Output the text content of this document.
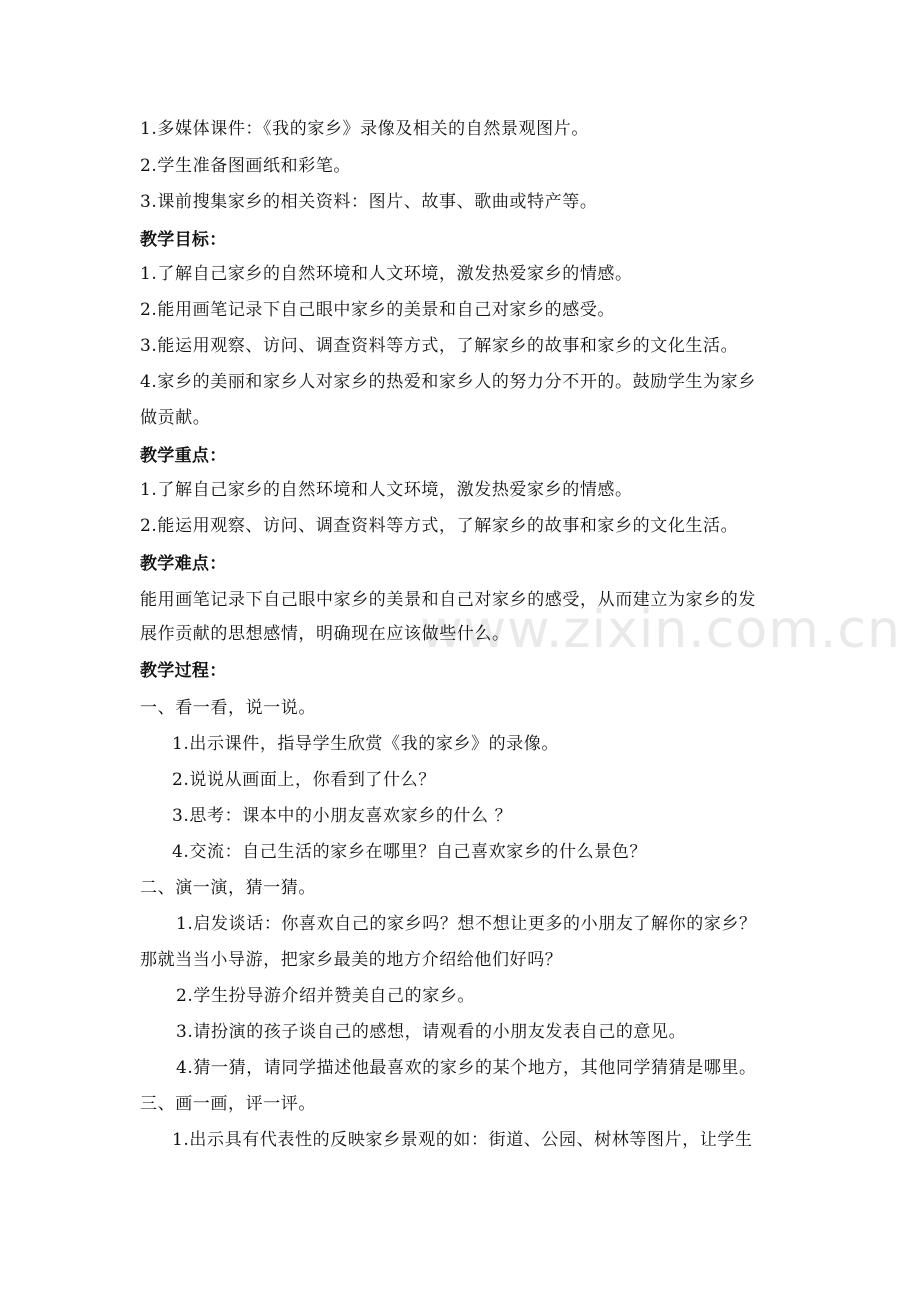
www.zixin.com.cn
1.多媒体课件：《我的家乡》录像及相关的自然景观图片。
2.学生准备图画纸和彩笔。
3.课前搜集家乡的相关资料：图片、故事、歌曲或特产等。
教学目标：
1.了解自己家乡的自然环境和人文环境，激发热爱家乡的情感。
2.能用画笔记录下自己眼中家乡的美景和自己对家乡的感受。
3.能运用观察、访问、调查资料等方式，了解家乡的故事和家乡的文化生活。
4.家乡的美丽和家乡人对家乡的热爱和家乡人的努力分不开的。鼓励学生为家乡
做贡献。
教学重点：
1.了解自己家乡的自然环境和人文环境，激发热爱家乡的情感。
2.能运用观察、访问、调查资料等方式，了解家乡的故事和家乡的文化生活。
教学难点：
能用画笔记录下自己眼中家乡的美景和自己对家乡的感受，从而建立为家乡的发
展作贡献的思想感情，明确现在应该做些什么。
教学过程：
一、看一看，说一说。
1.出示课件，指导学生欣赏《我的家乡》的录像。
2.说说从画面上，你看到了什么？
3.思考：课本中的小朋友喜欢家乡的什么 ？
4.交流：自己生活的家乡在哪里？自己喜欢家乡的什么景色？
二、演一演，猜一猜。
1.启发谈话：你喜欢自己的家乡吗？想不想让更多的小朋友了解你的家乡？
那就当当小导游，把家乡最美的地方介绍给他们好吗？
2.学生扮导游介绍并赞美自己的家乡。
3.请扮演的孩子谈自己的感想，请观看的小朋友发表自己的意见。
4.猜一猜，请同学描述他最喜欢的家乡的某个地方，其他同学猜猜是哪里。
三、画一画，评一评。
1.出示具有代表性的反映家乡景观的如：街道、公园、树林等图片，让学生
